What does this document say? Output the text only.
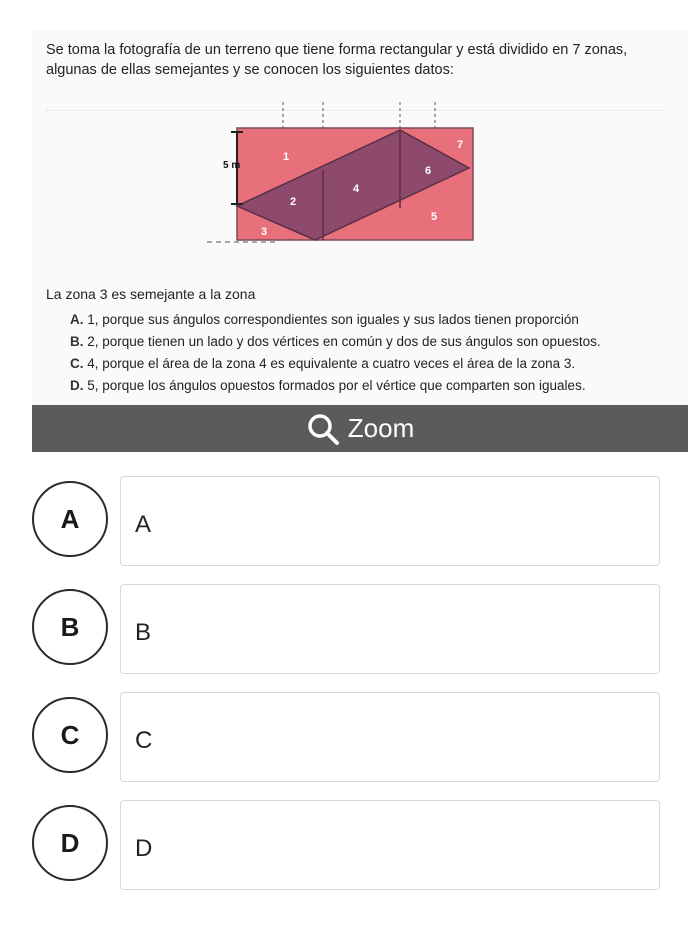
Se toma la fotografía de un terreno que tiene forma rectangular y está dividido en 7 zonas, algunas de ellas semejantes y se conocen los siguientes datos:
5 m
1
2
3
4
5
6
7
La zona 3 es semejante a la zona
A. 1, porque sus ángulos correspondientes son iguales y sus lados tienen proporción
B. 2, porque tienen un lado y dos vértices en común y dos de sus ángulos son opuestos.
C. 4, porque el área de la zona 4 es equivalente a cuatro veces el área de la zona 3.
D. 5, porque los ángulos opuestos formados por el vértice que comparten son iguales.
Zoom
A	A
B	B
C	C
D	D
